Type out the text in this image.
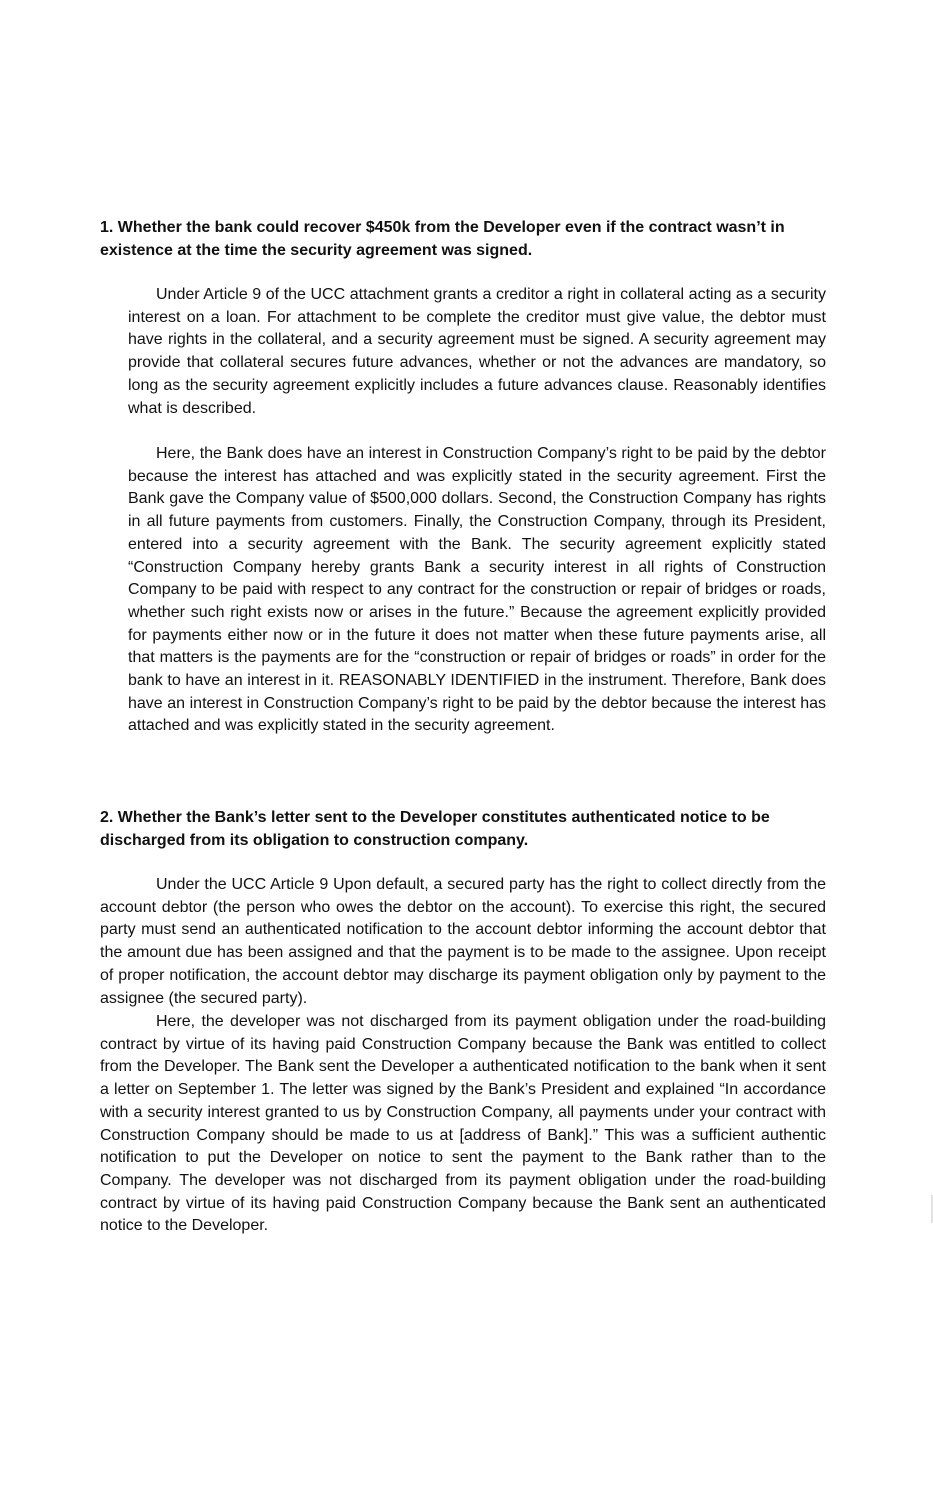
1. Whether the bank could recover $450k from the Developer even if the contract wasn’t in existence at the time the security agreement was signed.

Under Article 9 of the UCC attachment grants a creditor a right in collateral acting as a security interest on a loan. For attachment to be complete the creditor must give value, the debtor must have rights in the collateral, and a security agreement must be signed. A security agreement may provide that collateral secures future advances, whether or not the advances are mandatory, so long as the security agreement explicitly includes a future advances clause. Reasonably identifies what is described.

Here, the Bank does have an interest in Construction Company’s right to be paid by the debtor because the interest has attached and was explicitly stated in the security agreement. First the Bank gave the Company value of $500,000 dollars. Second, the Construction Company has rights in all future payments from customers. Finally, the Construction Company, through its President, entered into a security agreement with the Bank. The security agreement explicitly stated “Construction Company hereby grants Bank a security interest in all rights of Construction Company to be paid with respect to any contract for the construction or repair of bridges or roads, whether such right exists now or arises in the future.” Because the agreement explicitly provided for payments either now or in the future it does not matter when these future payments arise, all that matters is the payments are for the “construction or repair of bridges or roads” in order for the bank to have an interest in it. REASONABLY IDENTIFIED in the instrument. Therefore, Bank does have an interest in Construction Company’s right to be paid by the debtor because the interest has attached and was explicitly stated in the security agreement.

2. Whether the Bank’s letter sent to the Developer constitutes authenticated notice to be discharged from its obligation to construction company.

Under the UCC Article 9 Upon default, a secured party has the right to collect directly from the account debtor (the person who owes the debtor on the account). To exercise this right, the secured party must send an authenticated notification to the account debtor informing the account debtor that the amount due has been assigned and that the payment is to be made to the assignee. Upon receipt of proper notification, the account debtor may discharge its payment obligation only by payment to the assignee (the secured party).

Here, the developer was not discharged from its payment obligation under the road-building contract by virtue of its having paid Construction Company because the Bank was entitled to collect from the Developer. The Bank sent the Developer a authenticated notification to the bank when it sent a letter on September 1. The letter was signed by the Bank’s President and explained “In accordance with a security interest granted to us by Construction Company, all payments under your contract with Construction Company should be made to us at [address of Bank].” This was a sufficient authentic notification to put the Developer on notice to sent the payment to the Bank rather than to the Company. The developer was not discharged from its payment obligation under the road-building contract by virtue of its having paid Construction Company because the Bank sent an authenticated notice to the Developer.
